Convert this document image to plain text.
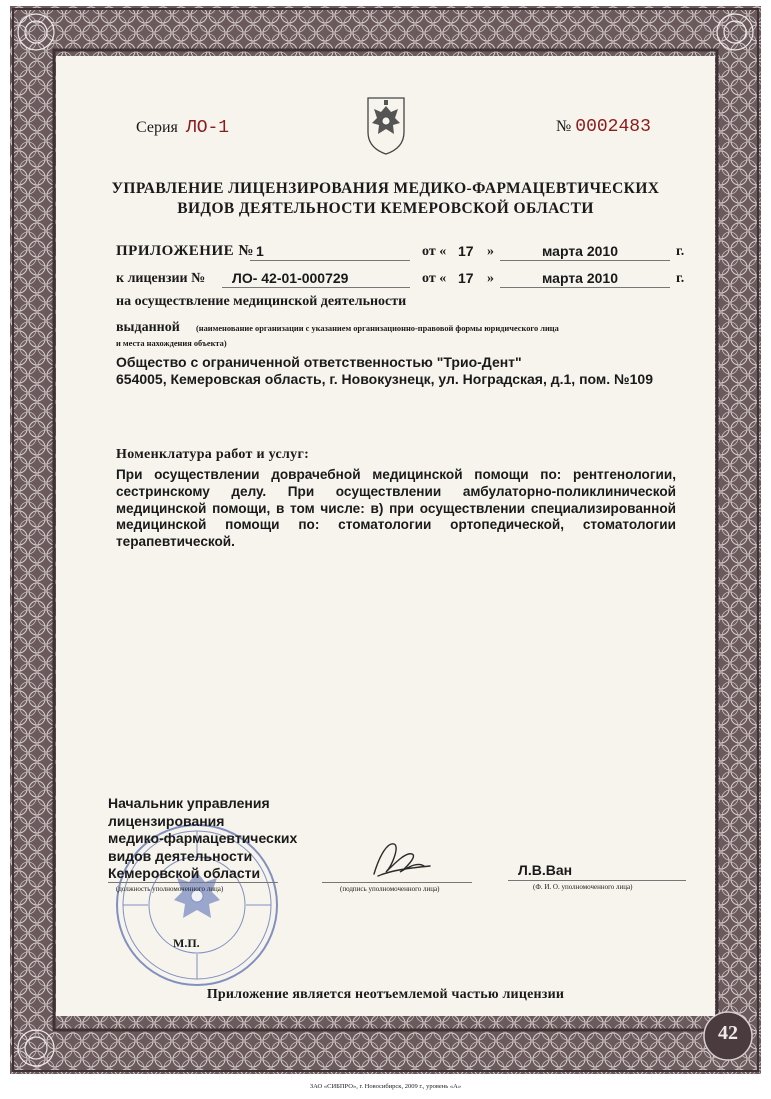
42
Серия ЛО-1	№ 0002483
УПРАВЛЕНИЕ ЛИЦЕНЗИРОВАНИЯ МЕДИКО-ФАРМАЦЕВТИЧЕСКИХ
ВИДОВ ДЕЯТЕЛЬНОСТИ КЕМЕРОВСКОЙ ОБЛАСТИ
ПРИЛОЖЕНИЕ № 1	от « 17 »	марта 2010	г.
к лицензии № ЛО- 42-01-000729	от « 17 »	марта 2010	г.
на осуществление медицинской деятельности
выданной (наименование организации с указанием организационно-правовой формы юридического лица
и места нахождения объекта)
Общество с ограниченной ответственностью "Трио-Дент"
654005, Кемеровская область, г. Новокузнецк, ул. Ноградская, д.1, пом. №109
Номенклатура работ и услуг:
При осуществлении доврачебной медицинской помощи по: рентгенологии, сестринскому делу. При осуществлении амбулаторно-поликлинической медицинской помощи, в том числе: в) при осуществлении специализированной медицинской помощи по: стоматологии ортопедической, стоматологии терапевтической.
Начальник управления
лицензирования
медико-фармацевтических
видов деятельности
Кемеровской области
(должность уполномоченного лица)	(подпись уполномоченного лица)
Л.В.Ван
(Ф. И. О. уполномоченного лица)
М.П.
Приложение является неотъемлемой частью лицензии
ЗАО «СИБПРО», г. Новосибирск, 2009 г., уровень «А»
